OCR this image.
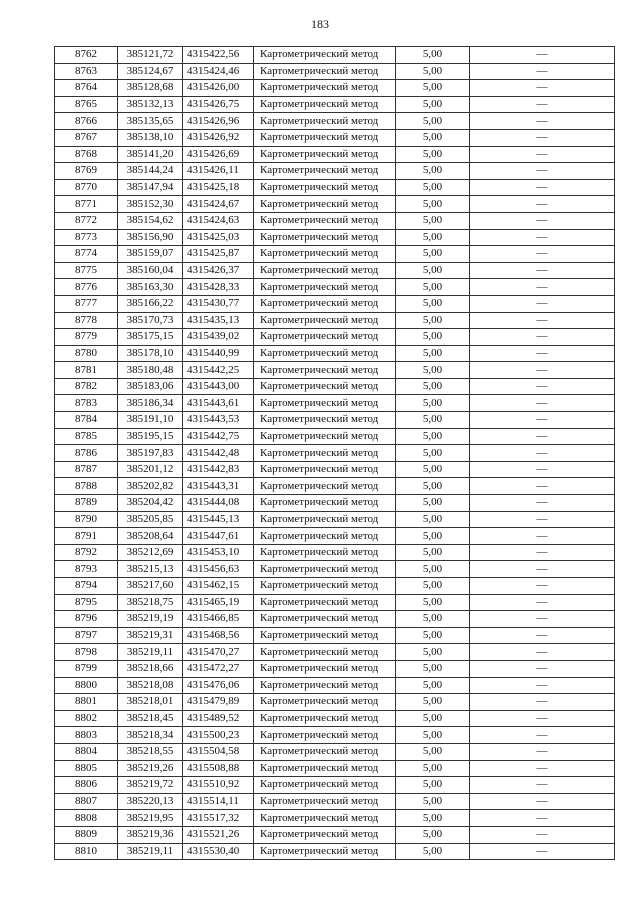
183
8762	385121,72	4315422,56	Картометрический метод	5,00	—
8763	385124,67	4315424,46	Картометрический метод	5,00	—
8764	385128,68	4315426,00	Картометрический метод	5,00	—
8765	385132,13	4315426,75	Картометрический метод	5,00	—
8766	385135,65	4315426,96	Картометрический метод	5,00	—
8767	385138,10	4315426,92	Картометрический метод	5,00	—
8768	385141,20	4315426,69	Картометрический метод	5,00	—
8769	385144,24	4315426,11	Картометрический метод	5,00	—
8770	385147,94	4315425,18	Картометрический метод	5,00	—
8771	385152,30	4315424,67	Картометрический метод	5,00	—
8772	385154,62	4315424,63	Картометрический метод	5,00	—
8773	385156,90	4315425,03	Картометрический метод	5,00	—
8774	385159,07	4315425,87	Картометрический метод	5,00	—
8775	385160,04	4315426,37	Картометрический метод	5,00	—
8776	385163,30	4315428,33	Картометрический метод	5,00	—
8777	385166,22	4315430,77	Картометрический метод	5,00	—
8778	385170,73	4315435,13	Картометрический метод	5,00	—
8779	385175,15	4315439,02	Картометрический метод	5,00	—
8780	385178,10	4315440,99	Картометрический метод	5,00	—
8781	385180,48	4315442,25	Картометрический метод	5,00	—
8782	385183,06	4315443,00	Картометрический метод	5,00	—
8783	385186,34	4315443,61	Картометрический метод	5,00	—
8784	385191,10	4315443,53	Картометрический метод	5,00	—
8785	385195,15	4315442,75	Картометрический метод	5,00	—
8786	385197,83	4315442,48	Картометрический метод	5,00	—
8787	385201,12	4315442,83	Картометрический метод	5,00	—
8788	385202,82	4315443,31	Картометрический метод	5,00	—
8789	385204,42	4315444,08	Картометрический метод	5,00	—
8790	385205,85	4315445,13	Картометрический метод	5,00	—
8791	385208,64	4315447,61	Картометрический метод	5,00	—
8792	385212,69	4315453,10	Картометрический метод	5,00	—
8793	385215,13	4315456,63	Картометрический метод	5,00	—
8794	385217,60	4315462,15	Картометрический метод	5,00	—
8795	385218,75	4315465,19	Картометрический метод	5,00	—
8796	385219,19	4315466,85	Картометрический метод	5,00	—
8797	385219,31	4315468,56	Картометрический метод	5,00	—
8798	385219,11	4315470,27	Картометрический метод	5,00	—
8799	385218,66	4315472,27	Картометрический метод	5,00	—
8800	385218,08	4315476,06	Картометрический метод	5,00	—
8801	385218,01	4315479,89	Картометрический метод	5,00	—
8802	385218,45	4315489,52	Картометрический метод	5,00	—
8803	385218,34	4315500,23	Картометрический метод	5,00	—
8804	385218,55	4315504,58	Картометрический метод	5,00	—
8805	385219,26	4315508,88	Картометрический метод	5,00	—
8806	385219,72	4315510,92	Картометрический метод	5,00	—
8807	385220,13	4315514,11	Картометрический метод	5,00	—
8808	385219,95	4315517,32	Картометрический метод	5,00	—
8809	385219,36	4315521,26	Картометрический метод	5,00	—
8810	385219,11	4315530,40	Картометрический метод	5,00	—
